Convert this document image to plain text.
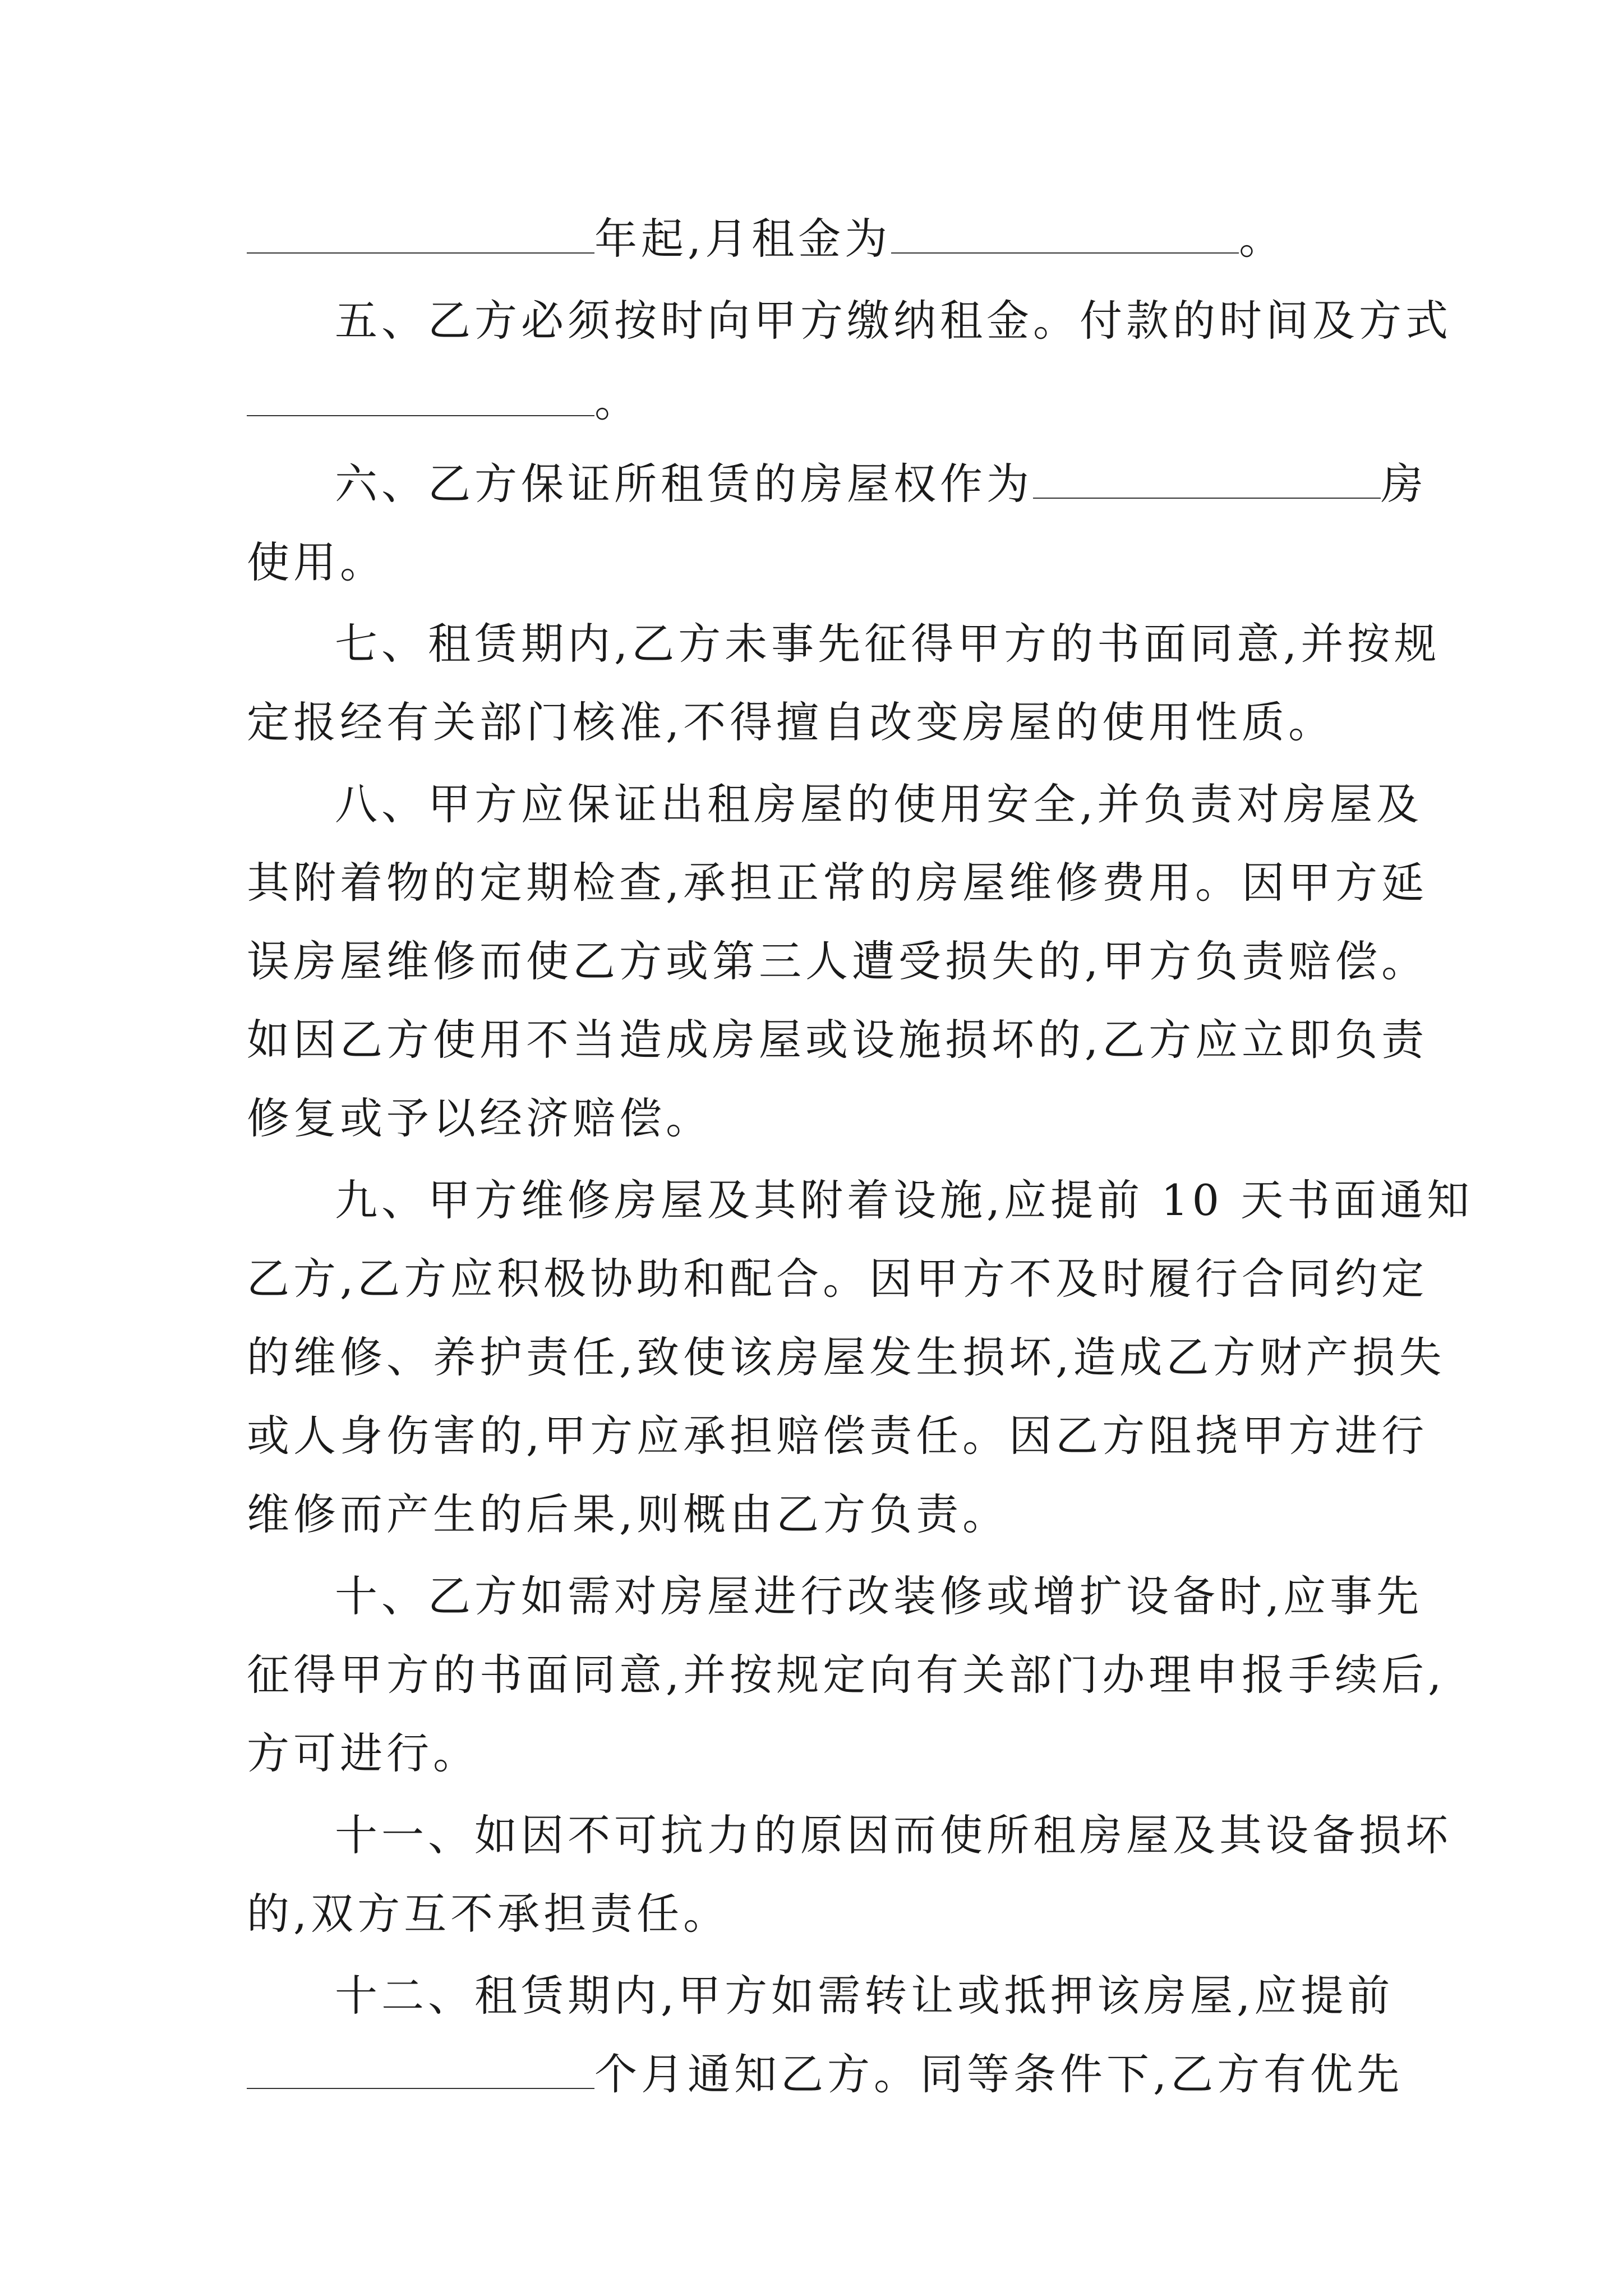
年起,月租金为	。
五、乙方必须按时向甲方缴纳租金。付款的时间及方式
。
六、乙方保证所租赁的房屋权作为	房
使用。
七、租赁期内,乙方未事先征得甲方的书面同意,并按规
定报经有关部门核准,不得擅自改变房屋的使用性质。
八、甲方应保证出租房屋的使用安全,并负责对房屋及
其附着物的定期检查,承担正常的房屋维修费用。因甲方延
误房屋维修而使乙方或第三人遭受损失的,甲方负责赔偿。
如因乙方使用不当造成房屋或设施损坏的,乙方应立即负责
修复或予以经济赔偿。
九、甲方维修房屋及其附着设施,应提前 10 天书面通知
乙方,乙方应积极协助和配合。因甲方不及时履行合同约定
的维修、养护责任,致使该房屋发生损坏,造成乙方财产损失
或人身伤害的,甲方应承担赔偿责任。因乙方阻挠甲方进行
维修而产生的后果,则概由乙方负责。
十、乙方如需对房屋进行改装修或增扩设备时,应事先
征得甲方的书面同意,并按规定向有关部门办理申报手续后,
方可进行。
十一、如因不可抗力的原因而使所租房屋及其设备损坏
的,双方互不承担责任。
十二、租赁期内,甲方如需转让或抵押该房屋,应提前
个月通知乙方。同等条件下,乙方有优先
